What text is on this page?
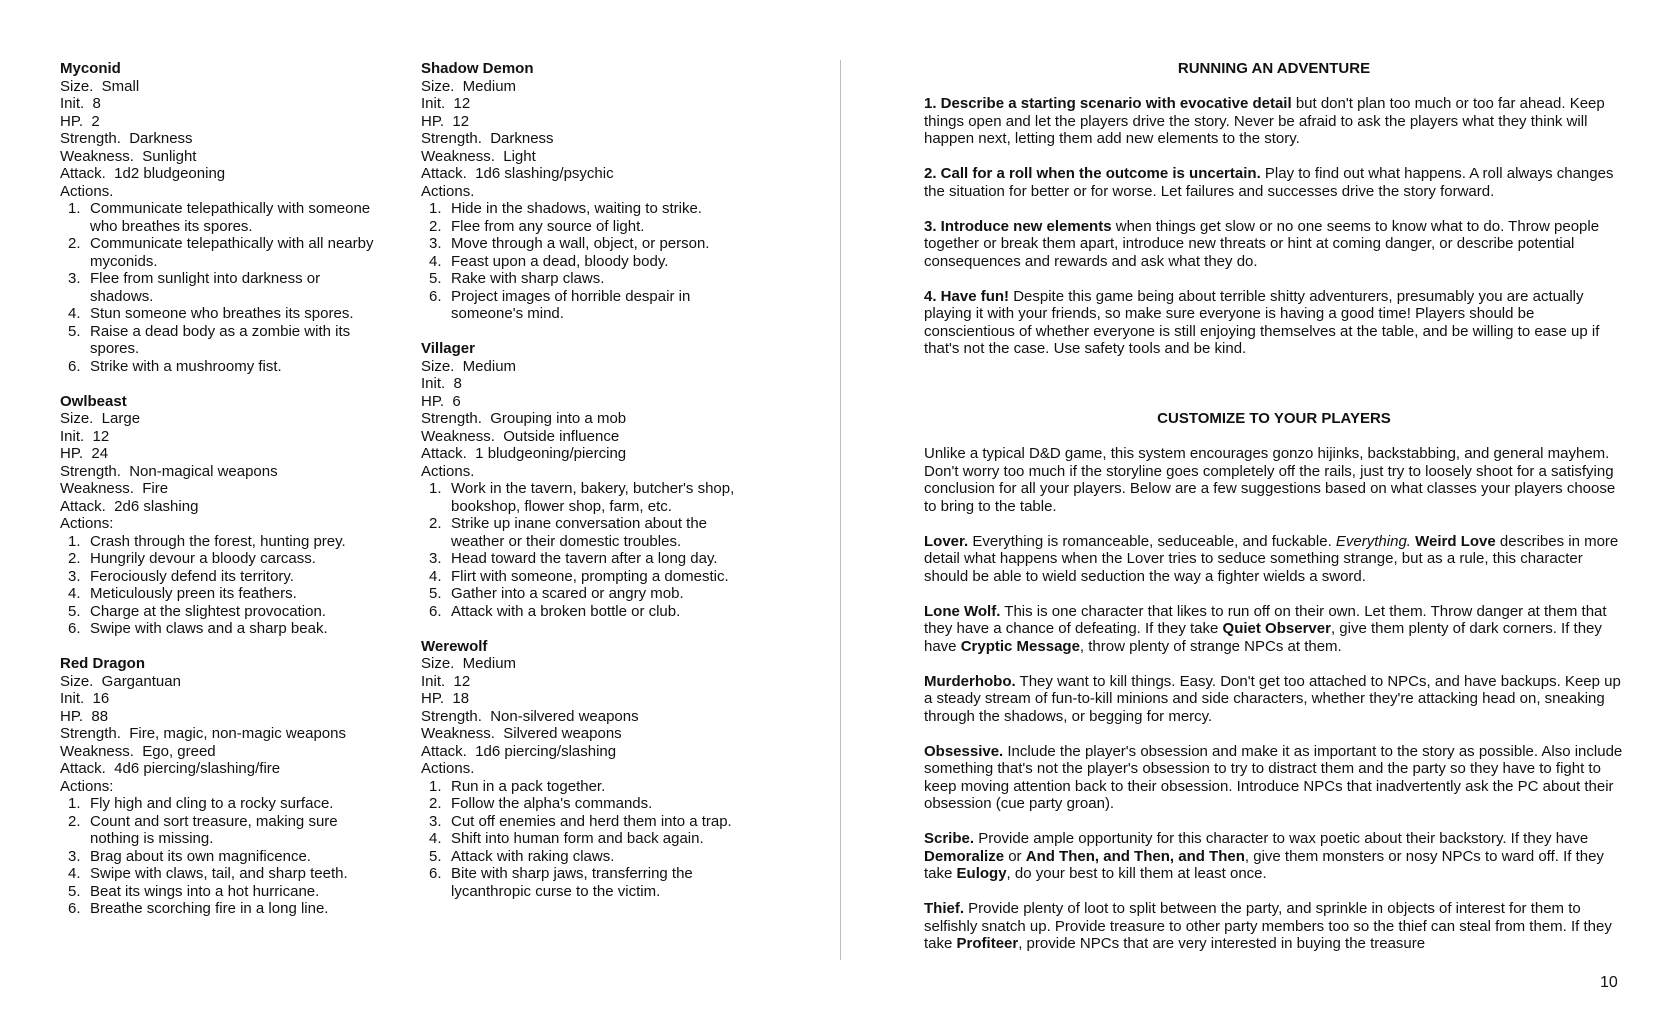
Myconid
Size.  Small
Init.  8
HP.  2
Strength.  Darkness
Weakness.  Sunlight
Attack.  1d2 bludgeoning
Actions.
1. Communicate telepathically with someone who breathes its spores.
2. Communicate telepathically with all nearby myconids.
3. Flee from sunlight into darkness or shadows.
4. Stun someone who breathes its spores.
5. Raise a dead body as a zombie with its spores.
6. Strike with a mushroomy fist.
Owlbeast
Size.  Large
Init.  12
HP.  24
Strength.  Non-magical weapons
Weakness.  Fire
Attack.  2d6 slashing
Actions:
1. Crash through the forest, hunting prey.
2. Hungrily devour a bloody carcass.
3. Ferociously defend its territory.
4. Meticulously preen its feathers.
5. Charge at the slightest provocation.
6. Swipe with claws and a sharp beak.
Red Dragon
Size.  Gargantuan
Init.  16
HP.  88
Strength.  Fire, magic, non-magic weapons
Weakness.  Ego, greed
Attack.  4d6 piercing/slashing/fire
Actions:
1. Fly high and cling to a rocky surface.
2. Count and sort treasure, making sure nothing is missing.
3. Brag about its own magnificence.
4. Swipe with claws, tail, and sharp teeth.
5. Beat its wings into a hot hurricane.
6. Breathe scorching fire in a long line.
Shadow Demon
Size.  Medium
Init.  12
HP.  12
Strength.  Darkness
Weakness.  Light
Attack.  1d6 slashing/psychic
Actions.
1. Hide in the shadows, waiting to strike.
2. Flee from any source of light.
3. Move through a wall, object, or person.
4. Feast upon a dead, bloody body.
5. Rake with sharp claws.
6. Project images of horrible despair in someone's mind.
Villager
Size.  Medium
Init.  8
HP.  6
Strength.  Grouping into a mob
Weakness.  Outside influence
Attack.  1 bludgeoning/piercing
Actions.
1. Work in the tavern, bakery, butcher's shop, bookshop, flower shop, farm, etc.
2. Strike up inane conversation about the weather or their domestic troubles.
3. Head toward the tavern after a long day.
4. Flirt with someone, prompting a domestic.
5. Gather into a scared or angry mob.
6. Attack with a broken bottle or club.
Werewolf
Size.  Medium
Init.  12
HP.  18
Strength.  Non-silvered weapons
Weakness.  Silvered weapons
Attack.  1d6 piercing/slashing
Actions.
1. Run in a pack together.
2. Follow the alpha's commands.
3. Cut off enemies and herd them into a trap.
4. Shift into human form and back again.
5. Attack with raking claws.
6. Bite with sharp jaws, transferring the lycanthropic curse to the victim.
RUNNING AN ADVENTURE

1. Describe a starting scenario with evocative detail but don't plan too much or too far ahead. Keep things open and let the players drive the story. Never be afraid to ask the players what they think will happen next, letting them add new elements to the story.

2. Call for a roll when the outcome is uncertain. Play to find out what happens. A roll always changes the situation for better or for worse. Let failures and successes drive the story forward.

3. Introduce new elements when things get slow or no one seems to know what to do. Throw people together or break them apart, introduce new threats or hint at coming danger, or describe potential consequences and rewards and ask what they do.

4. Have fun! Despite this game being about terrible shitty adventurers, presumably you are actually playing it with your friends, so make sure everyone is having a good time! Players should be conscientious of whether everyone is still enjoying themselves at the table, and be willing to ease up if that's not the case. Use safety tools and be kind.

CUSTOMIZE TO YOUR PLAYERS

Unlike a typical D&D game, this system encourages gonzo hijinks, backstabbing, and general mayhem. Don't worry too much if the storyline goes completely off the rails, just try to loosely shoot for a satisfying conclusion for all your players. Below are a few suggestions based on what classes your players choose to bring to the table.

Lover. Everything is romanceable, seduceable, and fuckable. Everything. Weird Love describes in more detail what happens when the Lover tries to seduce something strange, but as a rule, this character should be able to wield seduction the way a fighter wields a sword.

Lone Wolf. This is one character that likes to run off on their own. Let them. Throw danger at them that they have a chance of defeating. If they take Quiet Observer, give them plenty of dark corners. If they have Cryptic Message, throw plenty of strange NPCs at them.

Murderhobo. They want to kill things. Easy. Don't get too attached to NPCs, and have backups. Keep up a steady stream of fun-to-kill minions and side characters, whether they're attacking head on, sneaking through the shadows, or begging for mercy.

Obsessive. Include the player's obsession and make it as important to the story as possible. Also include something that's not the player's obsession to try to distract them and the party so they have to fight to keep moving attention back to their obsession. Introduce NPCs that inadvertently ask the PC about their obsession (cue party groan).

Scribe. Provide ample opportunity for this character to wax poetic about their backstory. If they have Demoralize or And Then, and Then, and Then, give them monsters or nosy NPCs to ward off. If they take Eulogy, do your best to kill them at least once.

Thief. Provide plenty of loot to split between the party, and sprinkle in objects of interest for them to selfishly snatch up. Provide treasure to other party members too so the thief can steal from them. If they take Profiteer, provide NPCs that are very interested in buying the treasure

10
